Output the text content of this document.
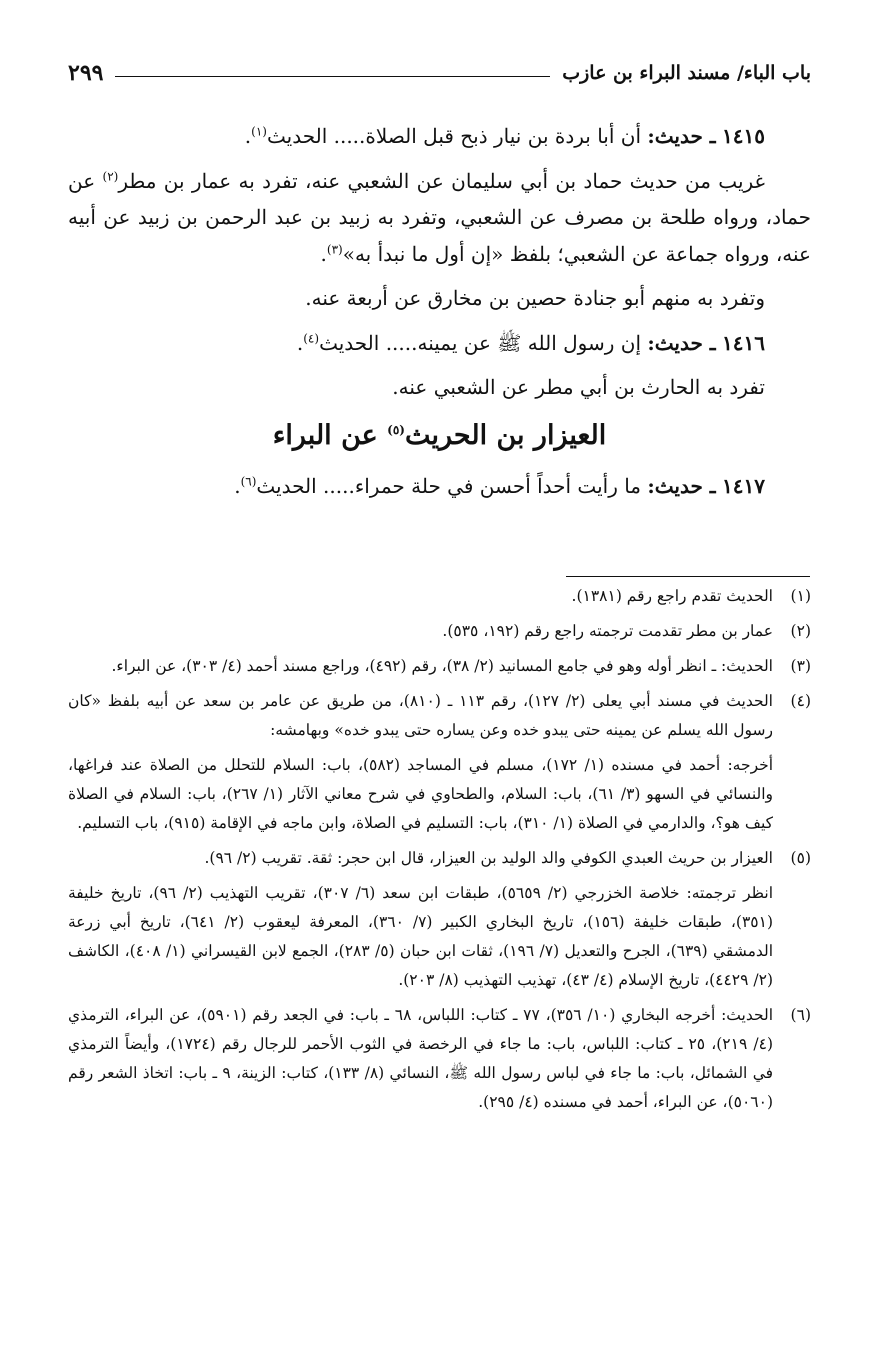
باب الباء/ مسند البراء بن عازب
٢٩٩

١٤١٥ ـ حديث: أن أبا بردة بن نيار ذبح قبل الصلاة..... الحديث$^{(١)}$.

غريب من حديث حماد بن أبي سليمان عن الشعبي عنه، تفرد به عمار بن مطر$^{(٢)}$ عن حماد، ورواه طلحة بن مصرف عن الشعبي، وتفرد به زبيد بن عبد الرحمن بن زبيد عن أبيه عنه، ورواه جماعة عن الشعبي؛ بلفظ «إن أول ما نبدأ به»$^{(٣)}$.

وتفرد به منهم أبو جنادة حصين بن مخارق عن أربعة عنه.

١٤١٦ ـ حديث: إن رسول الله ﷺ عن يمينه..... الحديث$^{(٤)}$.

تفرد به الحارث بن أبي مطر عن الشعبي عنه.

العيزار بن الحريث$^{(٥)}$ عن البراء

١٤١٧ ـ حديث: ما رأيت أحداً أحسن في حلة حمراء..... الحديث$^{(٦)}$.

(١)
الحديث تقدم راجع رقم (١٣٨١).
(٢)
عمار بن مطر تقدمت ترجمته راجع رقم (١٩٢، ٥٣٥).
(٣)
الحديث: ـ انظر أوله وهو في جامع المسانيد (٢/ ٣٨)، رقم (٤٩٢)، وراجع مسند أحمد (٤/ ٣٠٣)، عن البراء.
(٤)

الحديث في مسند أبي يعلى (٢/ ١٢٧)، رقم ١١٣ ـ (٨١٠)، من طريق عن عامر بن سعد عن أبيه بلفظ «كان رسول الله يسلم عن يمينه حتى يبدو خده وعن يساره حتى يبدو خده» وبهامشه:

أخرجه: أحمد في مسنده (١/ ١٧٢)، مسلم في المساجد (٥٨٢)، باب: السلام للتحلل من الصلاة عند فراغها، والنسائي في السهو (٣/ ٦١)، باب: السلام، والطحاوي في شرح معاني الآثار (١/ ٢٦٧)، باب: السلام في الصلاة كيف هو؟، والدارمي في الصلاة (١/ ٣١٠)، باب: التسليم في الصلاة، وابن ماجه في الإقامة (٩١٥)، باب التسليم.

(٥)

العيزار بن حريث العبدي الكوفي والد الوليد بن العيزار، قال ابن حجر: ثقة. تقريب (٢/ ٩٦).

انظر ترجمته: خلاصة الخزرجي (٢/ ٥٦٥٩)، طبقات ابن سعد (٦/ ٣٠٧)، تقريب التهذيب (٢/ ٩٦)، تاريخ خليفة (٣٥١)، طبقات خليفة (١٥٦)، تاريخ البخاري الكبير (٧/ ٣٦٠)، المعرفة ليعقوب (٢/ ٦٤١)، تاريخ أبي زرعة الدمشقي (٦٣٩)، الجرح والتعديل (٧/ ١٩٦)، ثقات ابن حبان (٥/ ٢٨٣)، الجمع لابن القيسراني (١/ ٤٠٨)، الكاشف (٢/ ٤٤٢٩)، تاريخ الإسلام (٤/ ٤٣)، تهذيب التهذيب (٨/ ٢٠٣).

(٦)
الحديث: أخرجه البخاري (١٠/ ٣٥٦)، ٧٧ ـ كتاب: اللباس، ٦٨ ـ باب: في الجعد رقم (٥٩٠١)، عن البراء، الترمذي (٤/ ٢١٩)، ٢٥ ـ كتاب: اللباس، باب: ما جاء في الرخصة في الثوب الأحمر للرجال رقم (١٧٢٤)، وأيضاً الترمذي في الشمائل، باب: ما جاء في لباس رسول الله ﷺ، النسائي (٨/ ١٣٣)، كتاب: الزينة، ٩ ـ باب: اتخاذ الشعر رقم (٥٠٦٠)، عن البراء، أحمد في مسنده (٤/ ٢٩٥).
